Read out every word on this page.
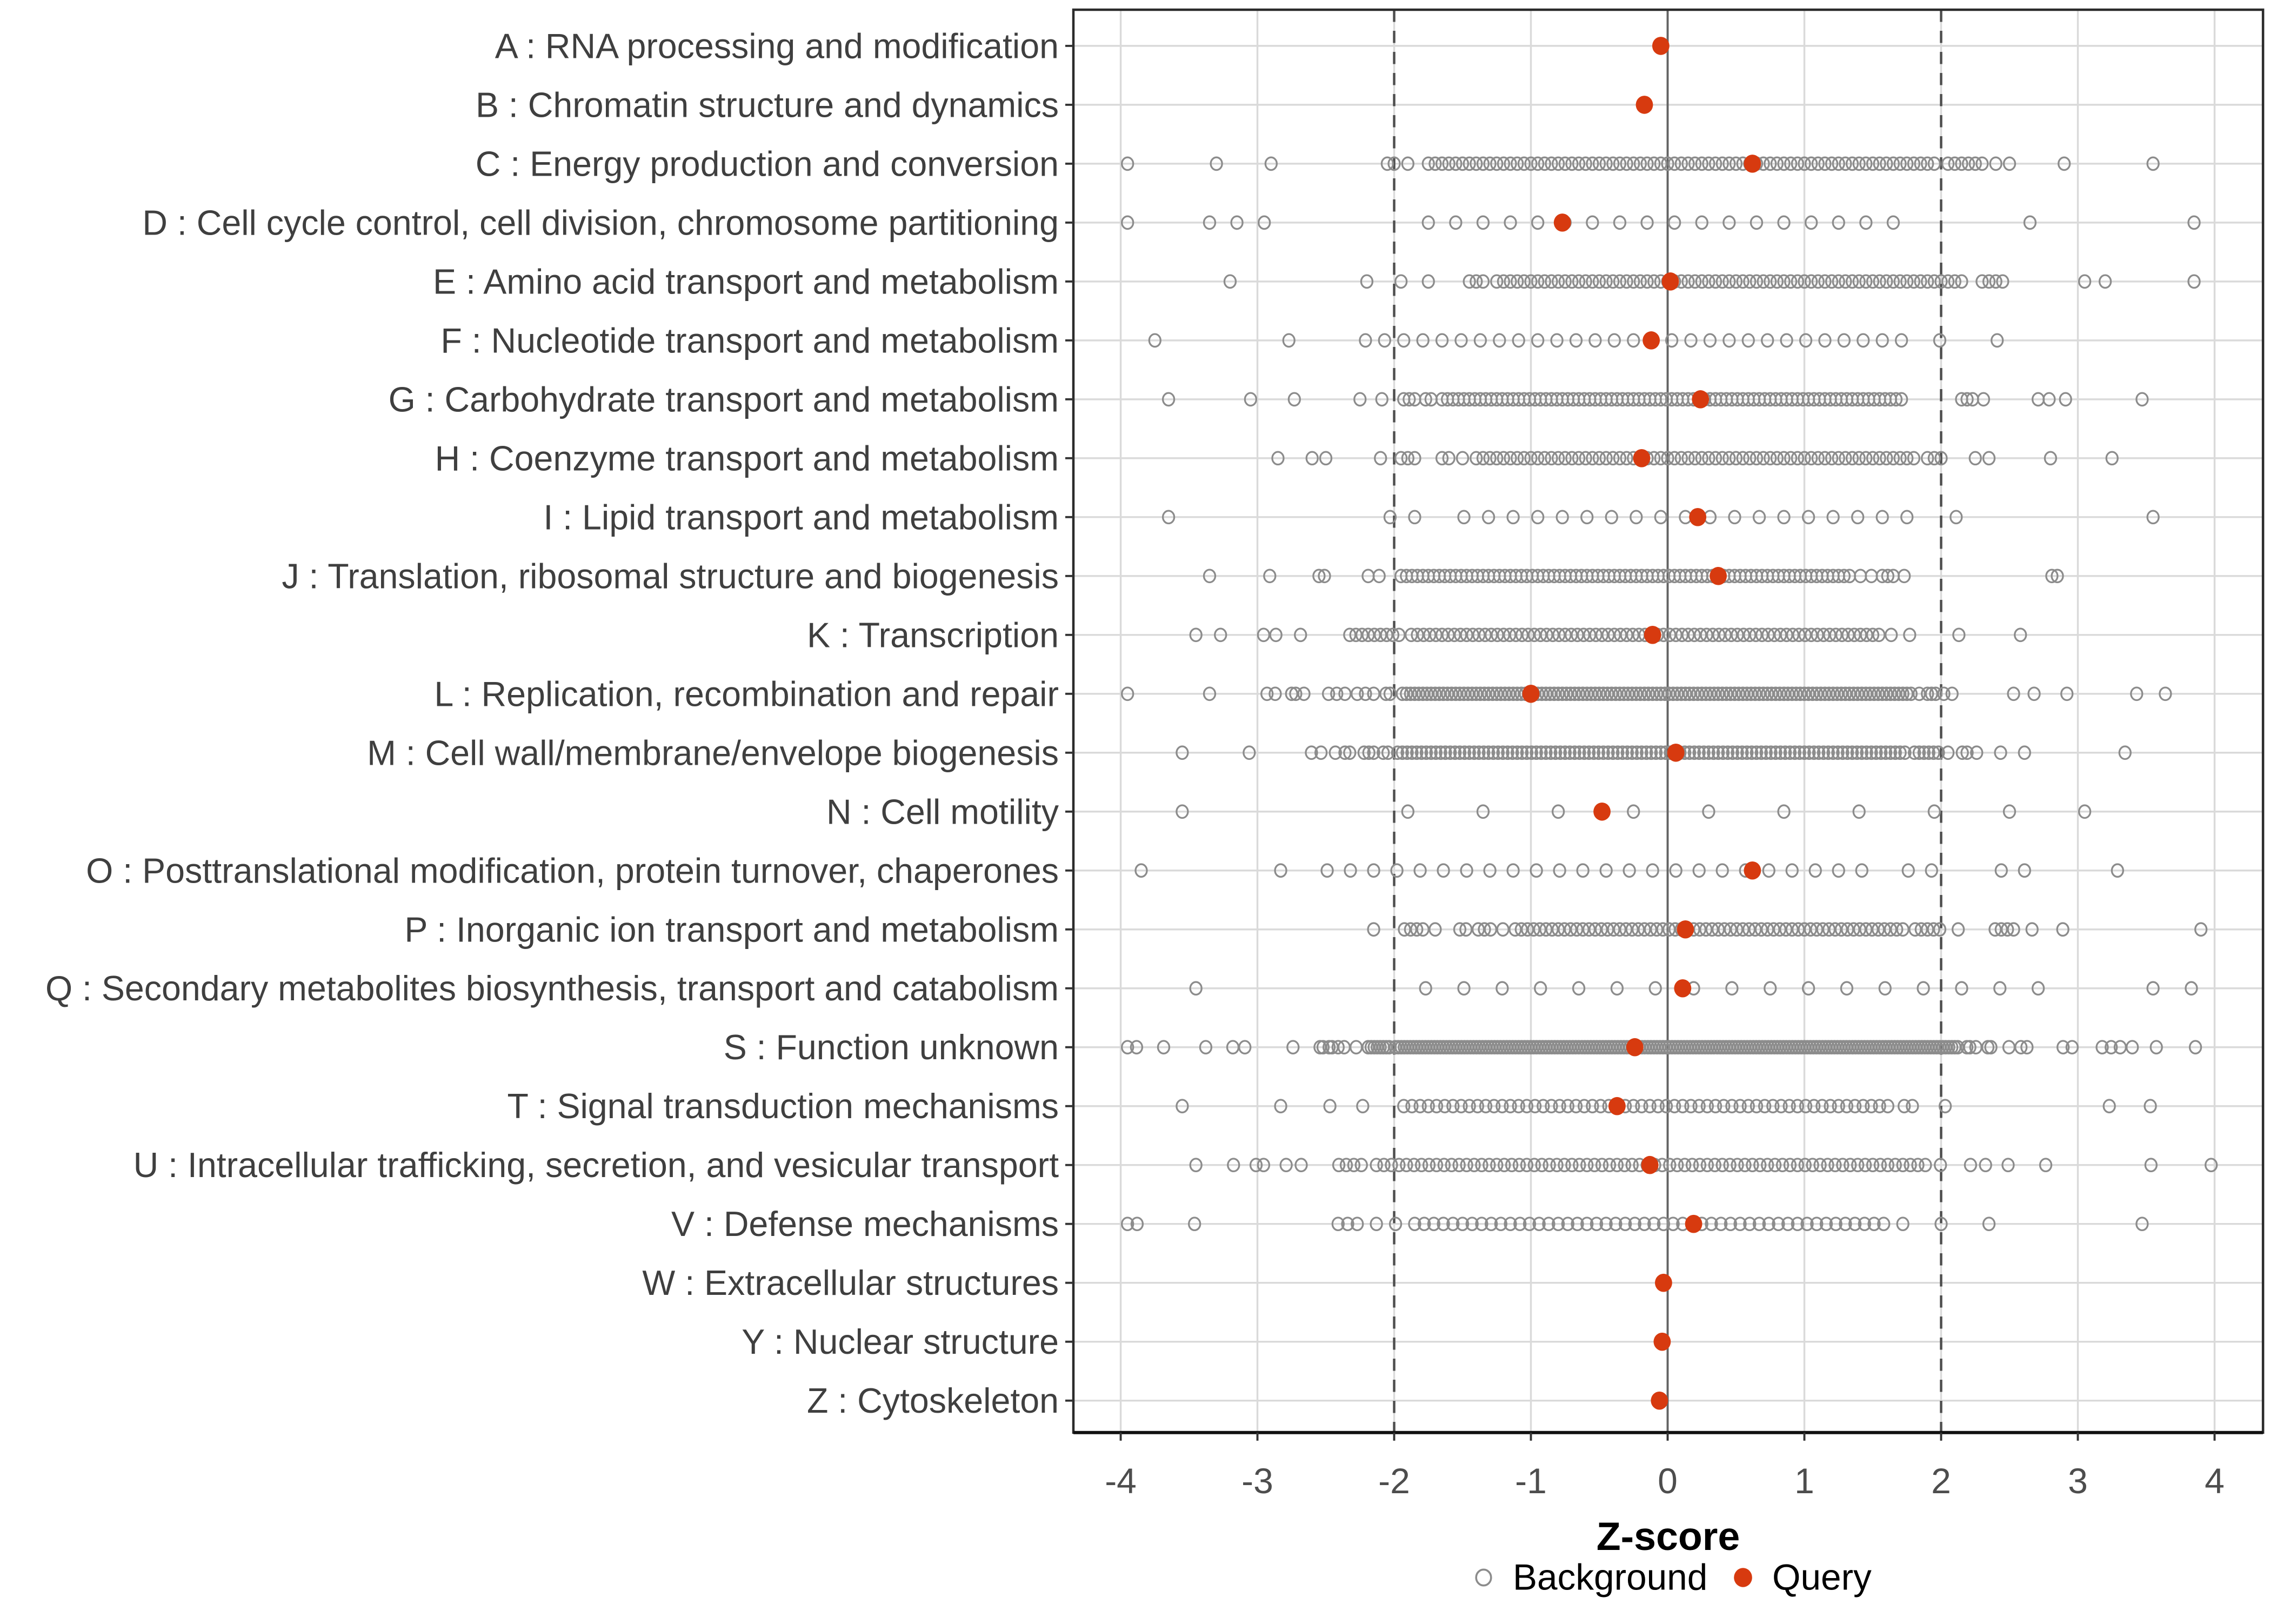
-4	-3	-2	-1	0	1	2	3	4
A : RNA processing and modification
B : Chromatin structure and dynamics
C : Energy production and conversion
D : Cell cycle control, cell division, chromosome partitioning
E : Amino acid transport and metabolism
F : Nucleotide transport and metabolism
G : Carbohydrate transport and metabolism
H : Coenzyme transport and metabolism
I : Lipid transport and metabolism
J : Translation, ribosomal structure and biogenesis
K : Transcription
L : Replication, recombination and repair
M : Cell wall/membrane/envelope biogenesis
N : Cell motility
O : Posttranslational modification, protein turnover, chaperones
P : Inorganic ion transport and metabolism
Q : Secondary metabolites biosynthesis, transport and catabolism
S : Function unknown
T : Signal transduction mechanisms
U : Intracellular trafficking, secretion, and vesicular transport
V : Defense mechanisms
W : Extracellular structures
Y : Nuclear structure
Z : Cytoskeleton
Z-score
Background	Query
